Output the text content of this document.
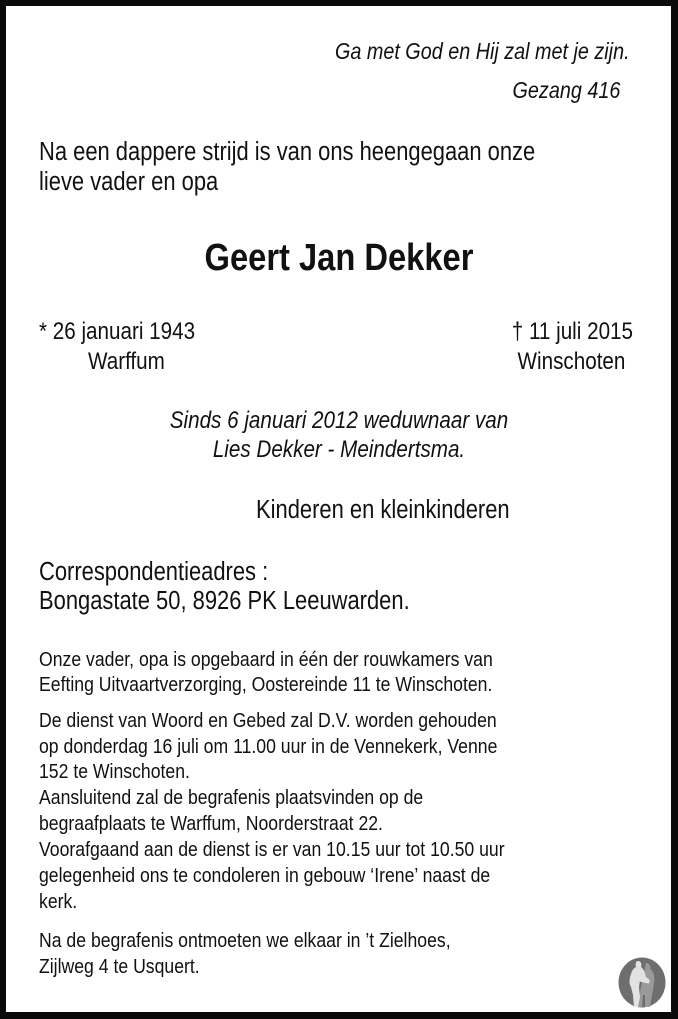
Ga met God en Hij zal met je zijn.
Gezang 416
Na een dappere strijd is van ons heengegaan onze
lieve vader en opa
Geert Jan Dekker
* 26 januari 1943
Warffum
† 11 juli 2015
Winschoten
Sinds 6 januari 2012 weduwnaar van
Lies Dekker - Meindertsma.
Kinderen en kleinkinderen
Correspondentieadres :
Bongastate 50, 8926 PK Leeuwarden.
Onze vader, opa is opgebaard in één der rouwkamers van
Eefting Uitvaartverzorging, Oostereinde 11 te Winschoten.
De dienst van Woord en Gebed zal D.V. worden gehouden
op donderdag 16 juli om 11.00 uur in de Vennekerk, Venne
152 te Winschoten.
Aansluitend zal de begrafenis plaatsvinden op de
begraafplaats te Warffum, Noorderstraat 22.
Voorafgaand aan de dienst is er van 10.15 uur tot 10.50 uur
gelegenheid ons te condoleren in gebouw ‘Irene’ naast de
kerk.
Na de begrafenis ontmoeten we elkaar in ’t Zielhoes,
Zijlweg 4 te Usquert.
